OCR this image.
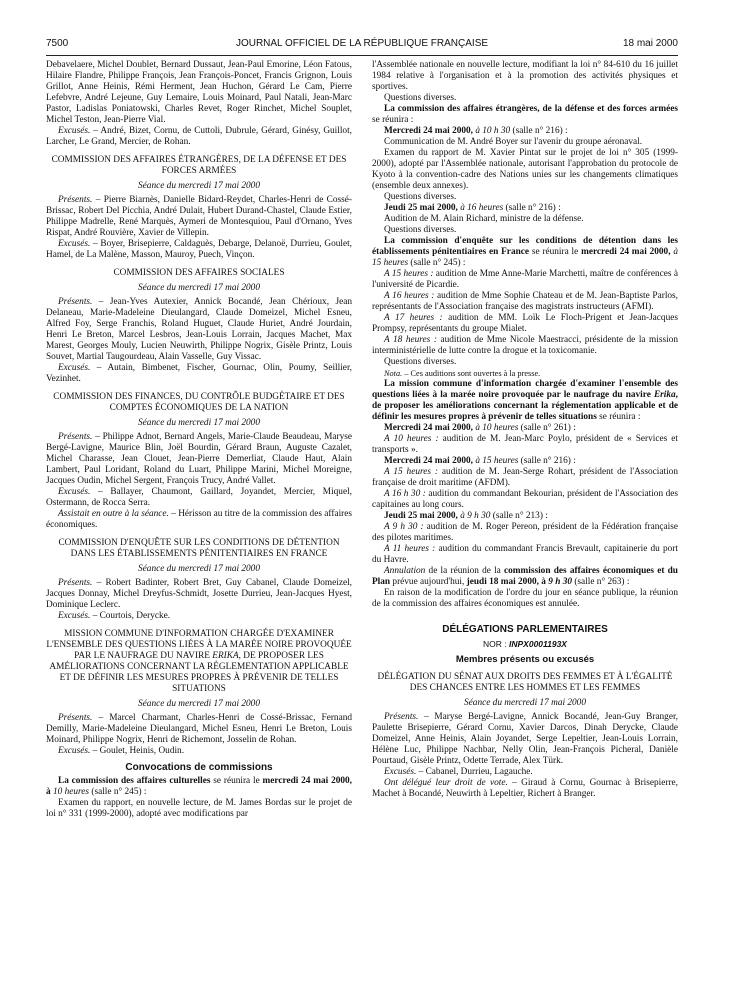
7500	JOURNAL OFFICIEL DE LA RÉPUBLIQUE FRANÇAISE	18 mai 2000

Debavelaere, Michel Doublet, Bernard Dussaut, Jean-Paul Emorine, Léon Fatous, Hilaire Flandre, Philippe François, Jean François-Poncet, Francis Grignon, Louis Grillot, Anne Heinis, Rémi Herment, Jean Huchon, Gérard Le Cam, Pierre Lefebvre, André Lejeune, Guy Lemaire, Louis Moinard, Paul Natali, Jean-Marc Pastor, Ladislas Poniatowski, Charles Revet, Roger Rinchet, Michel Souplet, Michel Teston, Jean-Pierre Vial.

Excusés. – André, Bizet, Cornu, de Cuttoli, Dubrule, Gérard, Ginésy, Guillot, Larcher, Le Grand, Mercier, de Rohan.

COMMISSION DES AFFAIRES ÉTRANGÈRES, DE LA DÉFENSE ET DES FORCES ARMÉES

Séance du mercredi 17 mai 2000

Présents. – Pierre Biarnès, Danielle Bidard-Reydet, Charles-Henri de Cossé-Brissac, Robert Del Picchia, André Dulait, Hubert Durand-Chastel, Claude Estier, Philippe Madrelle, René Marquès, Aymeri de Montesquiou, Paul d'Ornano, Yves Rispat, André Rouvière, Xavier de Villepin.

Excusés. – Boyer, Brisepierre, Caldaguès, Debarge, Delanoë, Durrieu, Goulet, Hamel, de La Malène, Masson, Mauroy, Puech, Vinçon.

COMMISSION DES AFFAIRES SOCIALES

Séance du mercredi 17 mai 2000

Présents. – Jean-Yves Autexier, Annick Bocandé, Jean Chérioux, Jean Delaneau, Marie-Madeleine Dieulangard, Claude Domeizel, Michel Esneu, Alfred Foy, Serge Franchis, Roland Huguet, Claude Huriet, André Jourdain, Henri Le Breton, Marcel Lesbros, Jean-Louis Lorrain, Jacques Machet, Max Marest, Georges Mouly, Lucien Neuwirth, Philippe Nogrix, Gisèle Printz, Louis Souvet, Martial Taugourdeau, Alain Vasselle, Guy Vissac.

Excusés. – Autain, Bimbenet, Fischer, Gournac, Olin, Poumy, Seillier, Vezinhet.

COMMISSION DES FINANCES, DU CONTRÔLE BUDGÉTAIRE ET DES COMPTES ÉCONOMIQUES DE LA NATION

Séance du mercredi 17 mai 2000

Présents. – Philippe Adnot, Bernard Angels, Marie-Claude Beaudeau, Maryse Bergé-Lavigne, Maurice Blin, Joël Bourdin, Gérard Braun, Auguste Cazalet, Michel Charasse, Jean Clouet, Jean-Pierre Demerliat, Claude Haut, Alain Lambert, Paul Loridant, Roland du Luart, Philippe Marini, Michel Moreigne, Jacques Oudin, Michel Sergent, François Trucy, André Vallet.

Excusés. – Ballayer, Chaumont, Gaillard, Joyandet, Mercier, Miquel, Ostermann, de Rocca Serra.

Assistait en outre à la séance. – Hérisson au titre de la commission des affaires économiques.

COMMISSION D'ENQUÊTE SUR LES CONDITIONS DE DÉTENTION DANS LES ÉTABLISSEMENTS PÉNITENTIAIRES EN FRANCE

Séance du mercredi 17 mai 2000

Présents. – Robert Badinter, Robert Bret, Guy Cabanel, Claude Domeizel, Jacques Donnay, Michel Dreyfus-Schmidt, Josette Durrieu, Jean-Jacques Hyest, Dominique Leclerc.

Excusés. – Courtois, Derycke.

MISSION COMMUNE D'INFORMATION CHARGÉE D'EXAMINER L'ENSEMBLE DES QUESTIONS LIÉES À LA MARÉE NOIRE PROVOQUÉE PAR LE NAUFRAGE DU NAVIRE ERIKA, DE PROPOSER LES AMÉLIORATIONS CONCERNANT LA RÉGLEMENTATION APPLICABLE ET DE DÉFINIR LES MESURES PROPRES À PRÉVENIR DE TELLES SITUATIONS

Séance du mercredi 17 mai 2000

Présents. – Marcel Charmant, Charles-Henri de Cossé-Brissac, Fernand Demilly, Marie-Madeleine Dieulangard, Michel Esneu, Henri Le Breton, Louis Moinard, Philippe Nogrix, Henri de Richemont, Josselin de Rohan.

Excusés. – Goulet, Heinis, Oudin.

Convocations de commissions

La commission des affaires culturelles se réunira le mercredi 24 mai 2000, à 10 heures (salle n° 245) :

Examen du rapport, en nouvelle lecture, de M. James Bordas sur le projet de loi n° 331 (1999-2000), adopté avec modifications par

l'Assemblée nationale en nouvelle lecture, modifiant la loi n° 84-610 du 16 juillet 1984 relative à l'organisation et à la promotion des activités physiques et sportives.

Questions diverses.

La commission des affaires étrangères, de la défense et des forces armées se réunira :

Mercredi 24 mai 2000, à 10 h 30 (salle n° 216) :

Communication de M. André Boyer sur l'avenir du groupe aéronaval.

Examen du rapport de M. Xavier Pintat sur le projet de loi n° 305 (1999-2000), adopté par l'Assemblée nationale, autorisant l'approbation du protocole de Kyoto à la convention-cadre des Nations unies sur les changements climatiques (ensemble deux annexes).

Questions diverses.

Jeudi 25 mai 2000, à 16 heures (salle n° 216) :

Audition de M. Alain Richard, ministre de la défense.

Questions diverses.

La commission d'enquête sur les conditions de détention dans les établissements pénitentiaires en France se réunira le mercredi 24 mai 2000, à 15 heures (salle n° 245) :

A 15 heures : audition de Mme Anne-Marie Marchetti, maître de conférences à l'université de Picardie.

A 16 heures : audition de Mme Sophie Chateau et de M. Jean-Baptiste Parlos, représentants de l'Association française des magistrats instructeurs (AFMI).

A 17 heures : audition de MM. Loïk Le Floch-Prigent et Jean-Jacques Prompsy, représentants du groupe Mialet.

A 18 heures : audition de Mme Nicole Maestracci, présidente de la mission interministérielle de lutte contre la drogue et la toxicomanie.

Questions diverses.

Nota. – Ces auditions sont ouvertes à la presse.

La mission commune d'information chargée d'examiner l'ensemble des questions liées à la marée noire provoquée par le naufrage du navire Erika, de proposer les améliorations concernant la réglementation applicable et de définir les mesures propres à prévenir de telles situations se réunira :

Mercredi 24 mai 2000, à 10 heures (salle n° 261) :

A 10 heures : audition de M. Jean-Marc Poylo, président de « Services et transports ».

Mercredi 24 mai 2000, à 15 heures (salle n° 216) :

A 15 heures : audition de M. Jean-Serge Rohart, président de l'Association française de droit maritime (AFDM).

A 16 h 30 : audition du commandant Bekourian, président de l'Association des capitaines au long cours.

Jeudi 25 mai 2000, à 9 h 30 (salle n° 213) :

A 9 h 30 : audition de M. Roger Pereon, président de la Fédération française des pilotes maritimes.

A 11 heures : audition du commandant Francis Brevault, capitainerie du port du Havre.

Annulation de la réunion de la commission des affaires économiques et du Plan prévue aujourd'hui, jeudi 18 mai 2000, à 9 h 30 (salle n° 263) :

En raison de la modification de l'ordre du jour en séance publique, la réunion de la commission des affaires économiques est annulée.

DÉLÉGATIONS PARLEMENTAIRES

NOR : INPX0001193X

Membres présents ou excusés

DÉLÉGATION DU SÉNAT AUX DROITS DES FEMMES ET À L'ÉGALITÉ DES CHANCES ENTRE LES HOMMES ET LES FEMMES

Séance du mercredi 17 mai 2000

Présents. – Maryse Bergé-Lavigne, Annick Bocandé, Jean-Guy Branger, Paulette Brisepierre, Gérard Cornu, Xavier Darcos, Dinah Derycke, Claude Domeizel, Anne Heinis, Alain Joyandet, Serge Lepeltier, Jean-Louis Lorrain, Hélène Luc, Philippe Nachbar, Nelly Olin, Jean-François Picheral, Danièle Pourtaud, Gisèle Printz, Odette Terrade, Alex Türk.

Excusés. – Cabanel, Durrieu, Lagauche.

Ont délégué leur droit de vote. – Giraud à Cornu, Gournac à Brisepierre, Machet à Bocandé, Neuwirth à Lepeltier, Richert à Branger.
